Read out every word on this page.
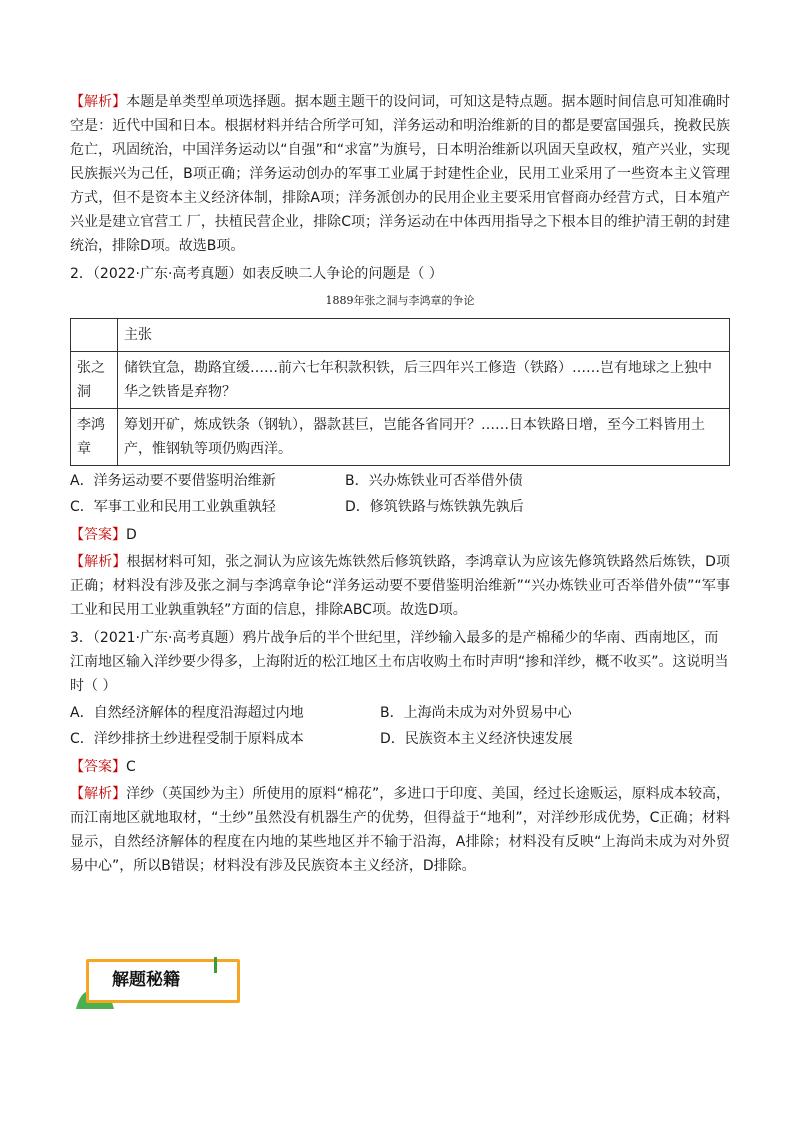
【解析】本题是单类型单项选择题。据本题主题干的设问词，可知这是特点题。据本题时间信息可知准确时空是：近代中国和日本。根据材料并结合所学可知，洋务运动和明治维新的目的都是要富国强兵，挽救民族危亡，巩固统治，中国洋务运动以“自强”和“求富”为旗号，日本明治维新以巩固天皇政权，殖产兴业，实现民族振兴为己任，B项正确；洋务运动创办的军事工业属于封建性企业，民用工业采用了一些资本主义管理方式，但不是资本主义经济体制，排除A项；洋务派创办的民用企业主要采用官督商办经营方式，日本殖产兴业是建立官营工 厂，扶植民营企业，排除C项；洋务运动在中体西用指导之下根本目的维护清王朝的封建统治，排除D项。故选B项。

2．（2022·广东·高考真题）如表反映二人争论的问题是（ ）

1889年张之洞与李鸿章的争论
	主张
张之洞	储铁宜急，勘路宜缓……前六七年积款积铁，后三四年兴工修造（铁路）……岂有地球之上独中华之铁皆是弃物？
李鸿章	筹划开矿，炼成铁条（钢轨），器款甚巨，岂能各省同开？……日本铁路日增，至今工料皆用土产，惟钢轨等项仍购西洋。
A．洋务运动要不要借鉴明治维新	B．兴办炼铁业可否举借外债
C．军事工业和民用工业孰重孰轻	D．修筑铁路与炼铁孰先孰后
【答案】D

【解析】根据材料可知，张之洞认为应该先炼铁然后修筑铁路，李鸿章认为应该先修筑铁路然后炼铁，D项正确；材料没有涉及张之洞与李鸿章争论“洋务运动要不要借鉴明治维新”“兴办炼铁业可否举借外债”“军事工业和民用工业孰重孰轻”方面的信息，排除ABC项。故选D项。

3．（2021·广东·高考真题）鸦片战争后的半个世纪里，洋纱输入最多的是产棉稀少的华南、西南地区，而江南地区输入洋纱要少得多，上海附近的松江地区土布店收购土布时声明“掺和洋纱，概不收买”。这说明当时（ ）

A．自然经济解体的程度沿海超过内地	B．上海尚未成为对外贸易中心
C．洋纱排挤土纱进程受制于原料成本	D．民族资本主义经济快速发展
【答案】C

【解析】洋纱（英国纱为主）所使用的原料“棉花”，多进口于印度、美国，经过长途贩运，原料成本较高，而江南地区就地取材，“土纱”虽然没有机器生产的优势，但得益于“地利”，对洋纱形成优势，C正确；材料显示，自然经济解体的程度在内地的某些地区并不输于沿海，A排除；材料没有反映“上海尚未成为对外贸易中心”，所以B错误；材料没有涉及民族资本主义经济，D排除。

解题秘籍
